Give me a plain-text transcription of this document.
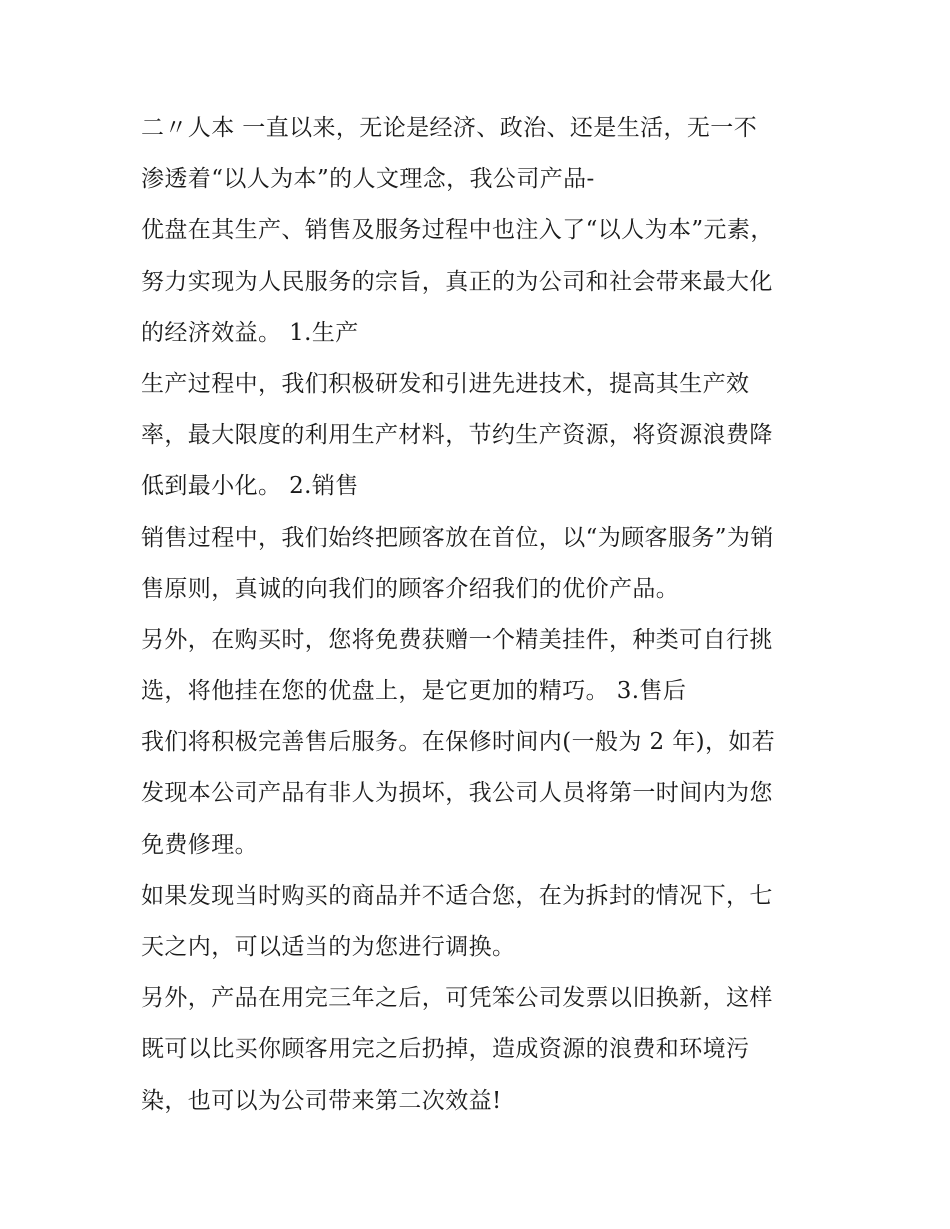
二〃人本 一直以来，无论是经济、政治、还是生活，无一不
渗透着“以人为本”的人文理念，我公司产品-
优盘在其生产、销售及服务过程中也注入了“以人为本”元素，
努力实现为人民服务的宗旨，真正的为公司和社会带来最大化
的经济效益。 1.生产
生产过程中，我们积极研发和引进先进技术，提高其生产效
率，最大限度的利用生产材料，节约生产资源，将资源浪费降
低到最小化。 2.销售
销售过程中，我们始终把顾客放在首位，以“为顾客服务”为销
售原则，真诚的向我们的顾客介绍我们的优价产品。
另外，在购买时，您将免费获赠一个精美挂件，种类可自行挑
选，将他挂在您的优盘上，是它更加的精巧。 3.售后
我们将积极完善售后服务。在保修时间内(一般为 2 年)，如若
发现本公司产品有非人为损坏，我公司人员将第一时间内为您
免费修理。
如果发现当时购买的商品并不适合您，在为拆封的情况下，七
天之内，可以适当的为您进行调换。
另外，产品在用完三年之后，可凭笨公司发票以旧换新，这样
既可以比买你顾客用完之后扔掉，造成资源的浪费和环境污
染，也可以为公司带来第二次效益!
